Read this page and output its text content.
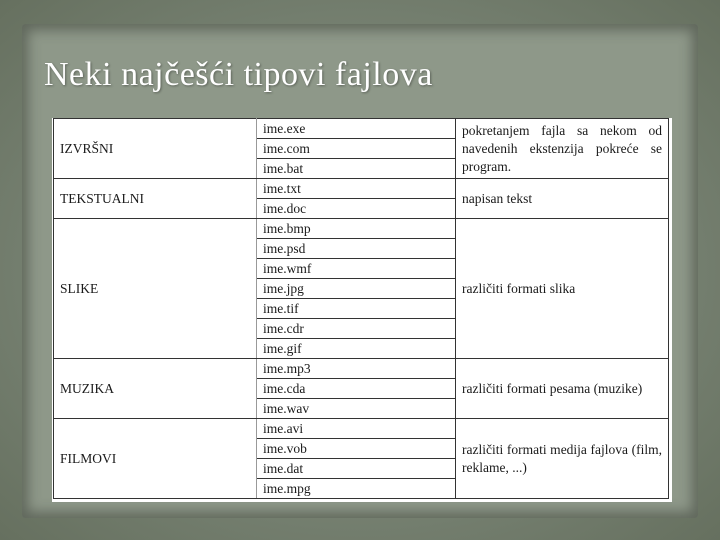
Neki najčešći tipovi fajlova
IZVRŠNI	ime.exe	pokretanjem fajla sa nekom od navedenih ekstenzija pokreće se program.
	ime.com	
	ime.bat	
TEKSTUALNI	ime.txt	napisan tekst
	ime.doc	
SLIKE	ime.bmp	različiti formati slika
	ime.psd	
	ime.wmf	
	ime.jpg	
	ime.tif	
	ime.cdr	
	ime.gif	
MUZIKA	ime.mp3	različiti formati pesama (muzike)
	ime.cda	
	ime.wav	
FILMOVI	ime.avi	različiti formati medija fajlova (film, reklame, ...)
	ime.vob	
	ime.dat	
	ime.mpg	
